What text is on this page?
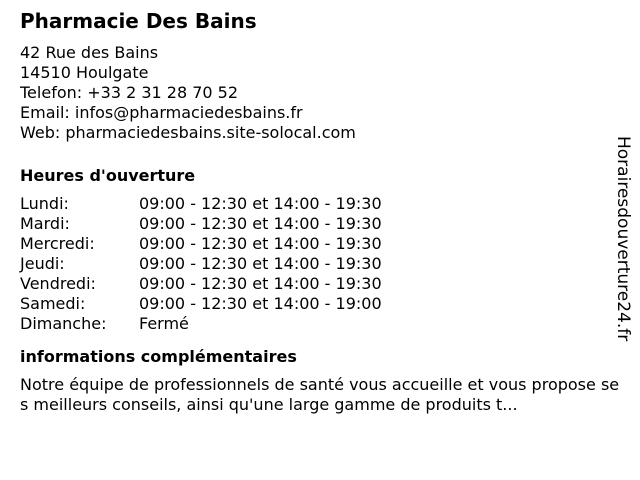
Pharmacie Des Bains
42 Rue des Bains
14510 Houlgate
Telefon: +33 2 31 28 70 52
Email: infos@pharmaciedesbains.fr
Web: pharmaciedesbains.site-solocal.com
Heures d'ouverture
Lundi:	09:00 - 12:30 et 14:00 - 19:30
Mardi:	09:00 - 12:30 et 14:00 - 19:30
Mercredi:	09:00 - 12:30 et 14:00 - 19:30
Jeudi:	09:00 - 12:30 et 14:00 - 19:30
Vendredi:	09:00 - 12:30 et 14:00 - 19:30
Samedi:	09:00 - 12:30 et 14:00 - 19:00
Dimanche:	Fermé
informations complémentaires
Notre équipe de professionnels de santé vous accueille et vous propose ses meilleurs conseils, ainsi qu'une large gamme de produits t...
Horairesdouverture24.fr
